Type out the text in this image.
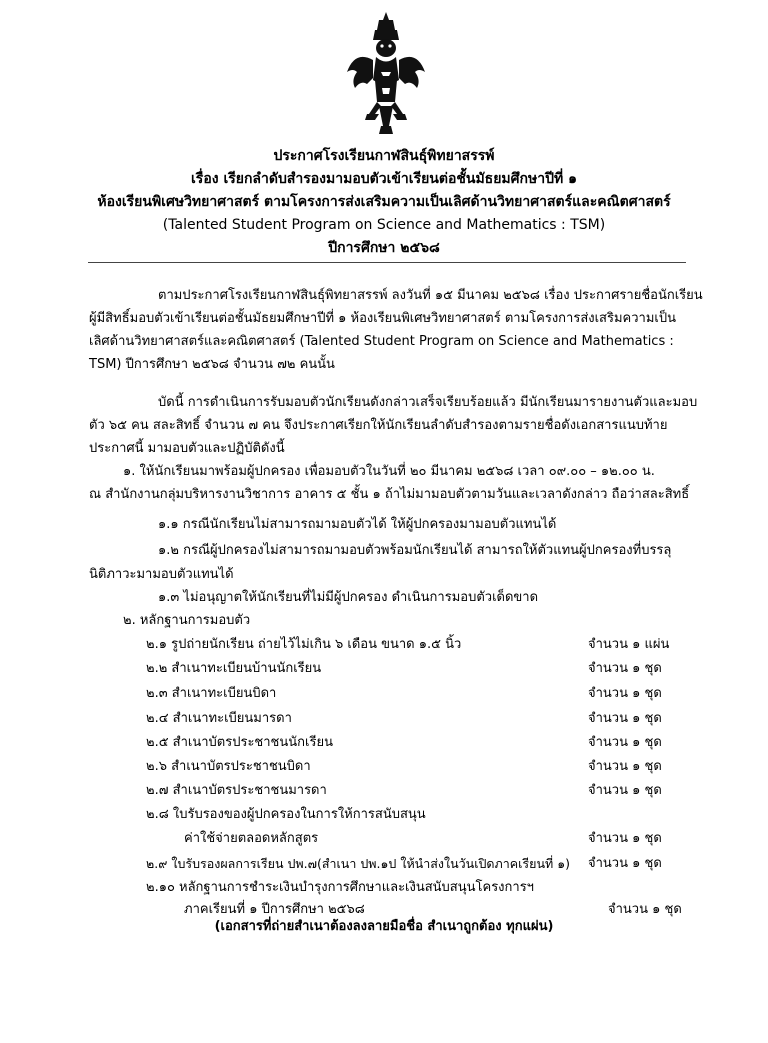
ประกาศโรงเรียนกาฬสินธุ์พิทยาสรรพ์
เรื่อง เรียกลำดับสำรองมามอบตัวเข้าเรียนต่อชั้นมัธยมศึกษาปีที่ ๑
ห้องเรียนพิเศษวิทยาศาสตร์ ตามโครงการส่งเสริมความเป็นเลิศด้านวิทยาศาสตร์และคณิตศาสตร์
(Talented Student Program on Science and Mathematics : TSM)
ปีการศึกษา ๒๕๖๘
ตามประกาศโรงเรียนกาฬสินธุ์พิทยาสรรพ์ ลงวันที่ ๑๕ มีนาคม ๒๕๖๘ เรื่อง ประกาศรายชื่อนักเรียน
ผู้มีสิทธิ์มอบตัวเข้าเรียนต่อชั้นมัธยมศึกษาปีที่ ๑ ห้องเรียนพิเศษวิทยาศาสตร์ ตามโครงการส่งเสริมความเป็น
เลิศด้านวิทยาศาสตร์และคณิตศาสตร์ (Talented Student Program on Science and Mathematics :
TSM) ปีการศึกษา ๒๕๖๘ จำนวน ๗๒ คนนั้น
บัดนี้ การดำเนินการรับมอบตัวนักเรียนดังกล่าวเสร็จเรียบร้อยแล้ว มีนักเรียนมารายงานตัวและมอบ
ตัว ๖๕ คน สละสิทธิ์ จำนวน ๗ คน จึงประกาศเรียกให้นักเรียนลำดับสำรองตามรายชื่อดังเอกสารแนบท้าย
ประกาศนี้ มามอบตัวและปฏิบัติดังนี้
๑. ให้นักเรียนมาพร้อมผู้ปกครอง เพื่อมอบตัวในวันที่ ๒๐ มีนาคม ๒๕๖๘ เวลา ๐๙.๐๐ – ๑๒.๐๐ น.
ณ สำนักงานกลุ่มบริหารงานวิชาการ อาคาร ๕ ชั้น ๑ ถ้าไม่มามอบตัวตามวันและเวลาดังกล่าว ถือว่าสละสิทธิ์
๑.๑ กรณีนักเรียนไม่สามารถมามอบตัวได้ ให้ผู้ปกครองมามอบตัวแทนได้
๑.๒ กรณีผู้ปกครองไม่สามารถมามอบตัวพร้อมนักเรียนได้ สามารถให้ตัวแทนผู้ปกครองที่บรรลุ
นิติภาวะมามอบตัวแทนได้
๑.๓ ไม่อนุญาตให้นักเรียนที่ไม่มีผู้ปกครอง ดำเนินการมอบตัวเด็ดขาด
๒. หลักฐานการมอบตัว
๒.๑ รูปถ่ายนักเรียน ถ่ายไว้ไม่เกิน ๖ เดือน ขนาด ๑.๕ นิ้ว	จำนวน ๑ แผ่น
๒.๒ สำเนาทะเบียนบ้านนักเรียน	จำนวน ๑ ชุด
๒.๓ สำเนาทะเบียนบิดา	จำนวน ๑ ชุด
๒.๔ สำเนาทะเบียนมารดา	จำนวน ๑ ชุด
๒.๕ สำเนาบัตรประชาชนนักเรียน	จำนวน ๑ ชุด
๒.๖ สำเนาบัตรประชาชนบิดา	จำนวน ๑ ชุด
๒.๗ สำเนาบัตรประชาชนมารดา	จำนวน ๑ ชุด
๒.๘ ใบรับรองของผู้ปกครองในการให้การสนับสนุน
ค่าใช้จ่ายตลอดหลักสูตร	จำนวน ๑ ชุด
๒.๙ ใบรับรองผลการเรียน ปพ.๗(สำเนา ปพ.๑ป ให้นำส่งในวันเปิดภาคเรียนที่ ๑) จำนวน ๑ ชุด
๒.๑๐ หลักฐานการชำระเงินบำรุงการศึกษาและเงินสนับสนุนโครงการฯ
ภาคเรียนที่ ๑ ปีการศึกษา ๒๕๖๘	จำนวน ๑ ชุด
(เอกสารที่ถ่ายสำเนาต้องลงลายมือชื่อ สำเนาถูกต้อง ทุกแผ่น)
